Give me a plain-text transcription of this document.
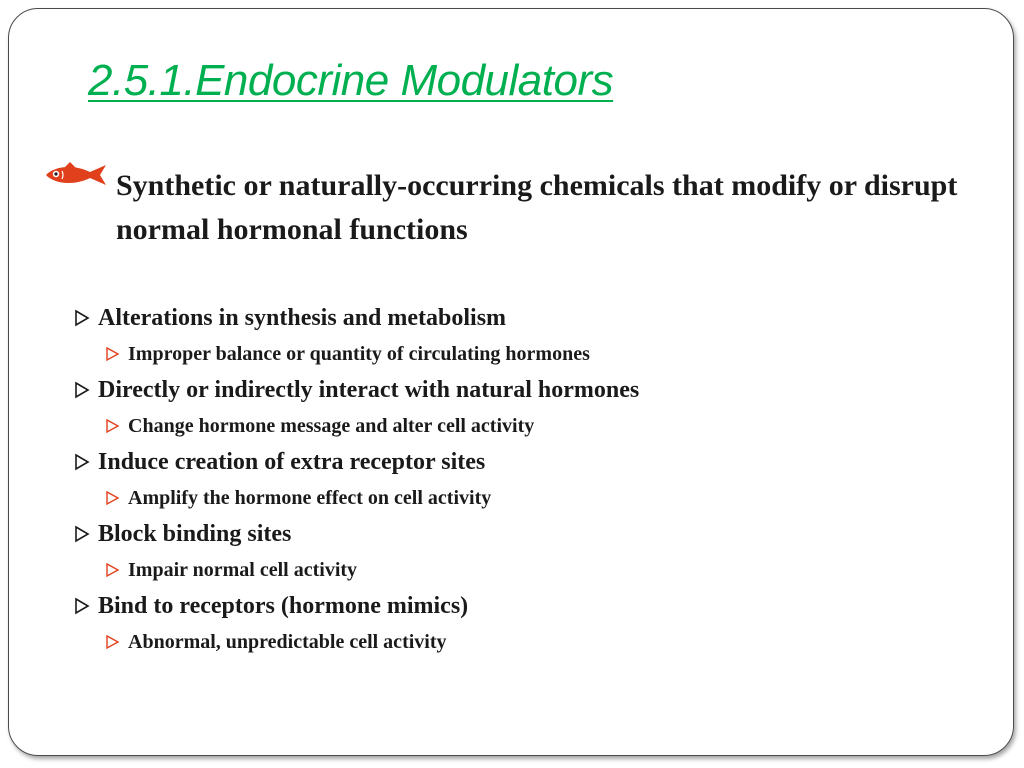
2.5.1.Endocrine Modulators

Synthetic or naturally-occurring chemicals that modify or disrupt normal hormonal functions

Alterations in synthesis and metabolism
Improper balance or quantity of circulating hormones
Directly or indirectly interact with natural hormones
Change hormone message and alter cell activity
Induce creation of extra receptor sites
Amplify the hormone effect on cell activity
Block binding sites
Impair normal cell activity
Bind to receptors (hormone mimics)
Abnormal, unpredictable cell activity
